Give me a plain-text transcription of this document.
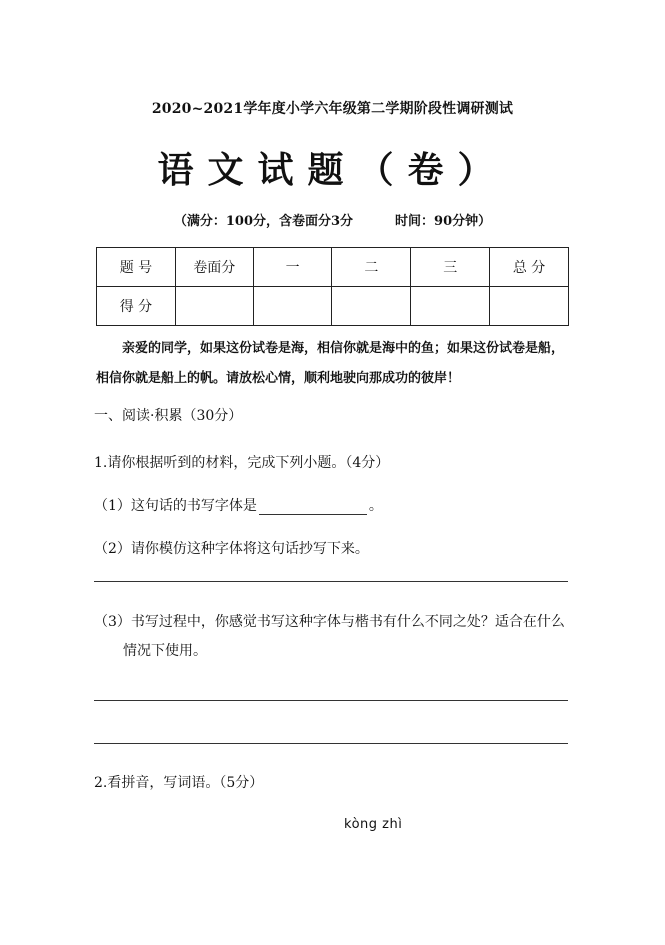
2020~2021学年度小学六年级第二学期阶段性调研测试
语文试题（卷）
（满分：100分，含卷面分3分	时间：90分钟）
题 号	卷面分	一	二	三	总 分
得 分					
亲爱的同学，如果这份试卷是海，相信你就是海中的鱼；如果这份试卷是船，相信你就是船上的帆。请放松心情，顺利地驶向那成功的彼岸！
一、阅读·积累（30分）
1.请你根据听到的材料，完成下列小题。（4分）
（1）这句话的书写字体是	。
（2）请你模仿这种字体将这句话抄写下来。
（3）书写过程中，你感觉书写这种字体与楷书有什么不同之处？适合在什么
情况下使用。
2.看拼音，写词语。（5分）
kòng zhì
